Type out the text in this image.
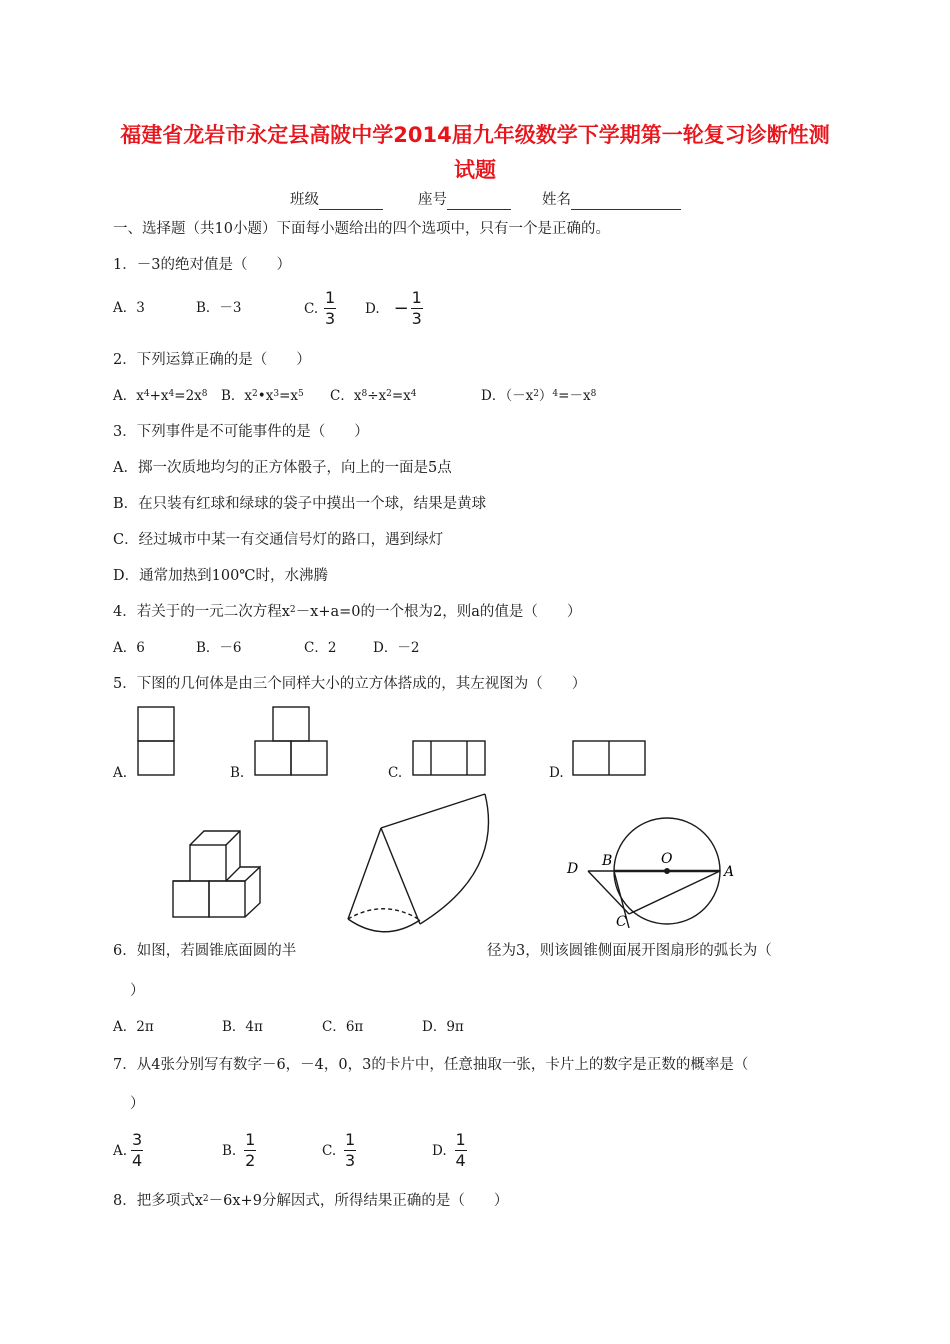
福建省龙岩市永定县高陂中学2014届九年级数学下学期第一轮复习诊断性测
试题
班级	座号	姓名
一、选择题（共10小题）下面每小题给出的四个选项中，只有一个是正确的。
1．－3的绝对值是（　　）
A．3	B．－3	C. $\frac{1}{3} D$. − $\frac{1}{3}$
2．下列运算正确的是（　　）
A．$x^4+x^4=2x^8$ B．$x^2•x^3=x^5$ C．$x^8\div x^2=x^4$	D．$(-x^2)^4=-x^8$
3．下列事件是不可能事件的是（　　）
A．掷一次质地均匀的正方体骰子，向上的一面是5点
B．在只装有红球和绿球的袋子中摸出一个球，结果是黄球
C．经过城市中某一有交通信号灯的路口，遇到绿灯
D．通常加热到100℃时，水沸腾
4．若关于的一元二次方程$x^2-x+a=0$的一个根为2，则a的值是（　　）
A．6	B．－6	C．2	D．－2
5．下图的几何体是由三个同样大小的立方体搭成的，其左视图为（　　）
A.	B.	C.	D.
D B	O
A
C
6．如图，若圆锥底面圆的半	径为3，则该圆锥侧面展开图扇形的弧长为（
）
A．2π	B．4π	C．6π	D．9π
7．从4张分别写有数字－6，－4，0，3的卡片中，任意抽取一张，卡片上的数字是正数的概率是（
）
A. $\frac{3}{4}$	B. $\frac{1}{2}$	C. $\frac{1}{3}$	D. $\frac{1}{4}$
8．把多项式$x^2-6x+9$分解因式，所得结果正确的是（　　）
